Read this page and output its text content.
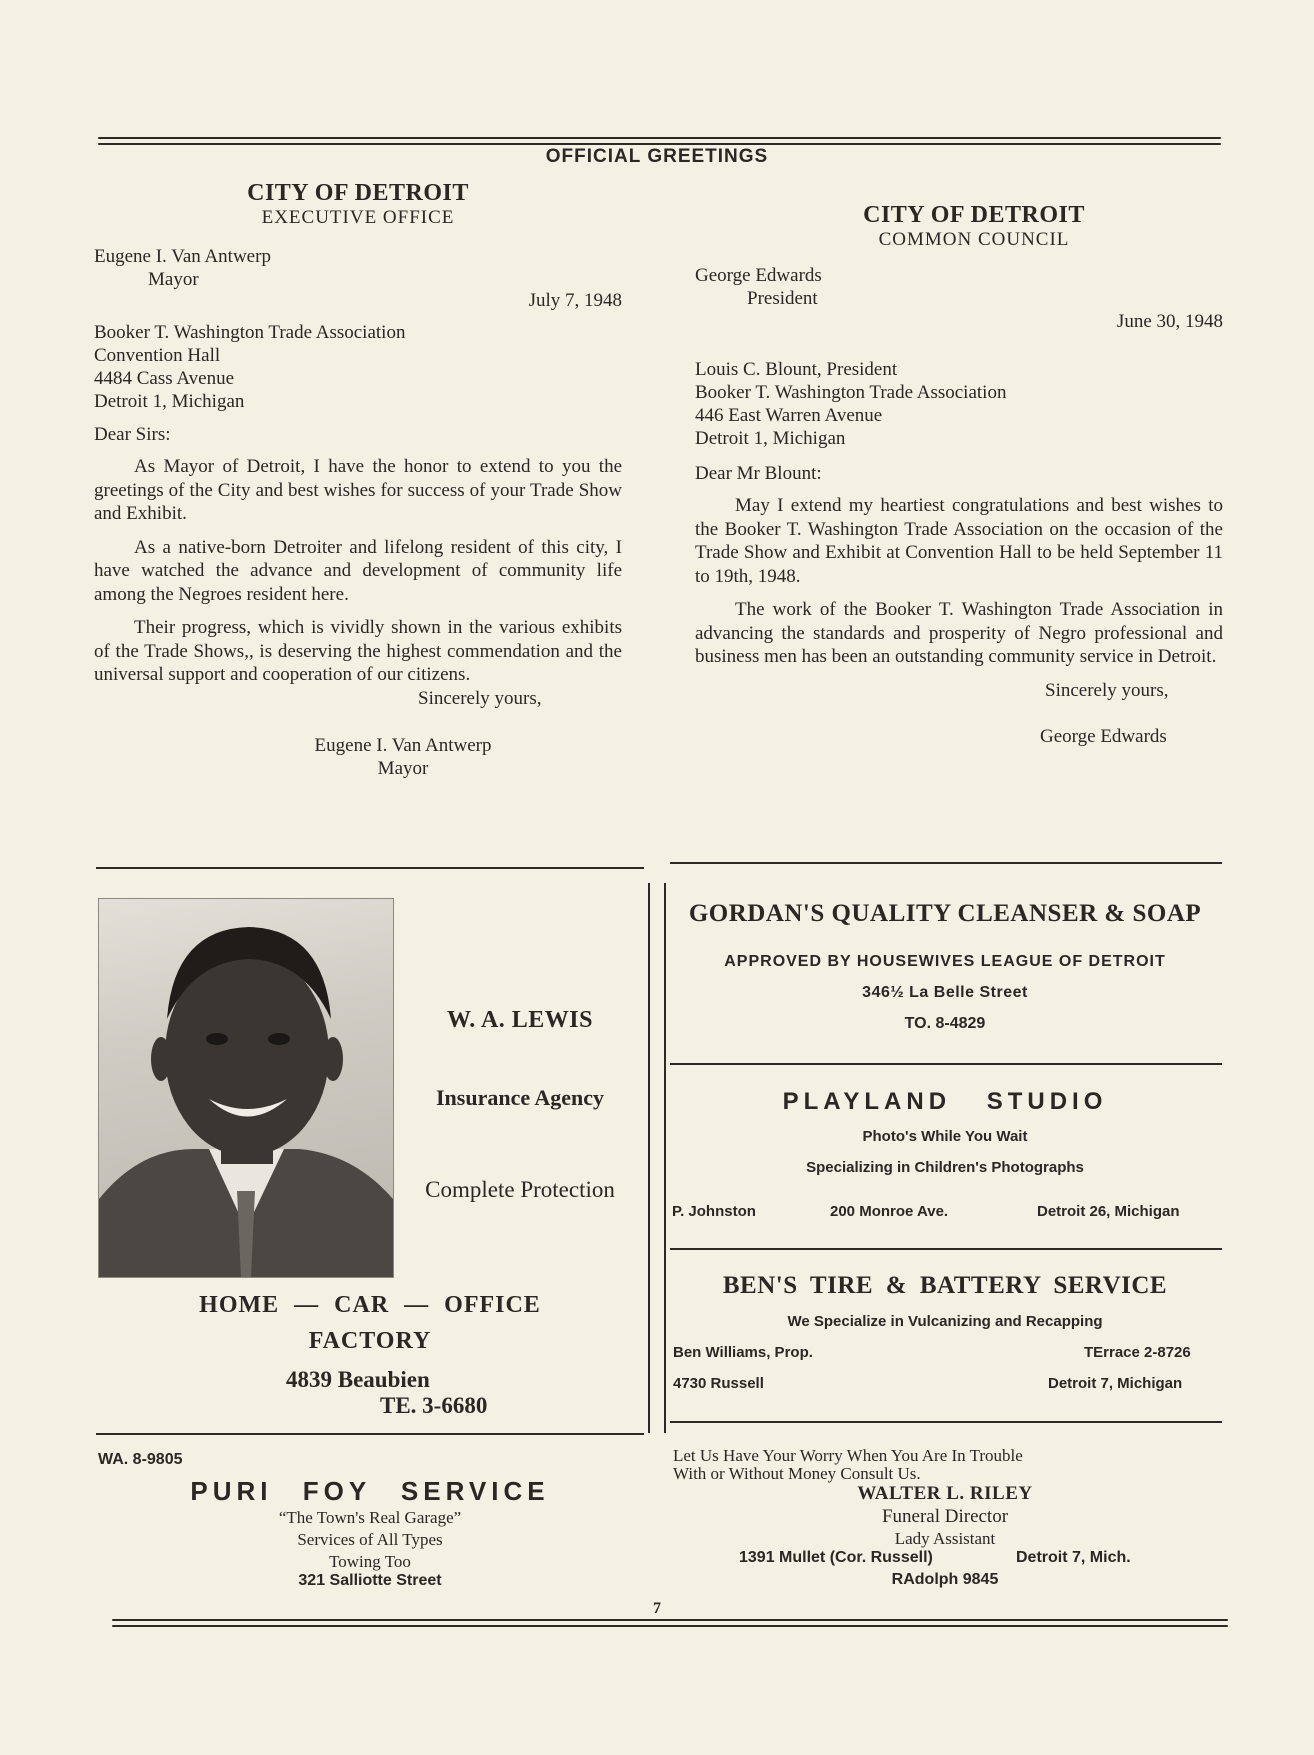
OFFICIAL GREETINGS
CITY OF DETROIT
EXECUTIVE OFFICE
Eugene I. Van Antwerp
Mayor
July 7, 1948
Booker T. Washington Trade Association
Convention Hall
4484 Cass Avenue
Detroit 1, Michigan
Dear Sirs:

As Mayor of Detroit, I have the honor to extend to you the greetings of the City and best wishes for success of your Trade Show and Exhibit.

As a native-born Detroiter and lifelong resident of this city, I have watched the advance and development of community life among the Negroes resident here.

Their progress, which is vividly shown in the various exhibits of the Trade Shows,, is deserving the highest commendation and the universal support and cooperation of our citizens.

Sincerely yours,
Eugene I. Van Antwerp
Mayor
CITY OF DETROIT
COMMON COUNCIL
George Edwards
President
June 30, 1948
Louis C. Blount, President
Booker T. Washington Trade Association
446 East Warren Avenue
Detroit 1, Michigan
Dear Mr Blount:

May I extend my heartiest congratulations and best wishes to the Booker T. Washington Trade Association on the occasion of the Trade Show and Exhibit at Convention Hall to be held September 11 to 19th, 1948.

The work of the Booker T. Washington Trade Association in advancing the standards and prosperity of Negro professional and business men has been an outstanding community service in Detroit.

Sincerely yours,
George Edwards
W. A. LEWIS
Insurance Agency
Complete Protection
HOME — CAR — OFFICE
FACTORY
4839 Beaubien
TE. 3-6680
WA. 8-9805
PURI FOY SERVICE
“The Town's Real Garage”
Services of All Types
Towing Too
321 Salliotte Street
GORDAN'S QUALITY CLEANSER & SOAP
APPROVED BY HOUSEWIVES LEAGUE OF DETROIT
346½ La Belle Street
TO. 8-4829
PLAYLAND STUDIO
Photo's While You Wait
Specializing in Children's Photographs
P. Johnston	200 Monroe Ave.	Detroit 26, Michigan
BEN'S TIRE & BATTERY SERVICE
We Specialize in Vulcanizing and Recapping
Ben Williams, Prop.	TErrace 2-8726
4730 Russell	Detroit 7, Michigan
Let Us Have Your Worry When You Are In Trouble
With or Without Money Consult Us.
WALTER L. RILEY
Funeral Director
Lady Assistant
1391 Mullet (Cor. Russell)	Detroit 7, Mich.
RAdolph 9845
7
